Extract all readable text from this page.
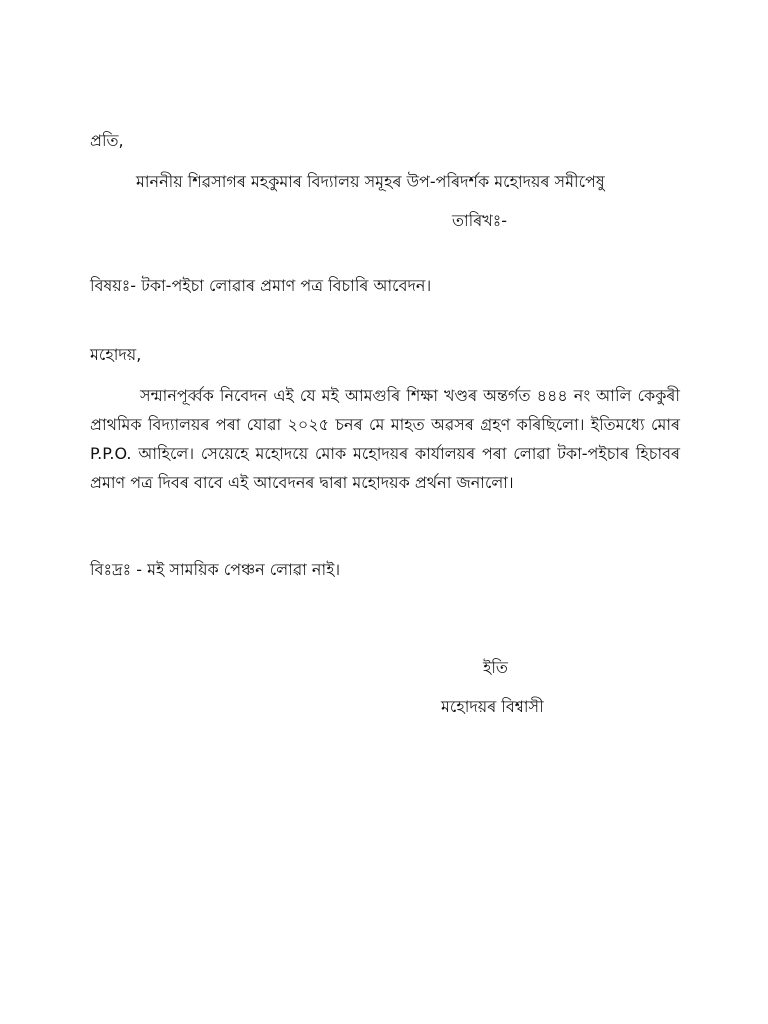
প্ৰতি,

মাননীয় শিৱসাগৰ মহকুমাৰ বিদ্যালয় সমূহৰ উপ-পৰিদৰ্শক মহোদয়ৰ সমীপেষু

তাৰিখঃ-

বিষয়ঃ- টকা-পইচা লোৱাৰ প্ৰমাণ পত্ৰ বিচাৰি আবেদন।

মহোদয়,

সন্মানপূৰ্ব্বক নিবেদন এই যে মই আমগুৰি শিক্ষা খণ্ডৰ অন্তৰ্গত ৪৪৪ নং আলি কেকুৰী প্ৰাথমিক বিদ্যালয়ৰ পৰা যোৱা ২০২৫ চনৰ মে মাহত অৱসৰ গ্ৰহণ কৰিছিলো। ইতিমধ্যে মোৰ P.P.O. আহিলে। সেয়েহে মহোদয়ে মোক মহোদয়ৰ কাৰ্যালয়ৰ পৰা লোৱা টকা-পইচাৰ হিচাবৰ প্ৰমাণ পত্ৰ দিবৰ বাবে এই আবেদনৰ দ্বাৰা মহোদয়ক প্ৰৰ্থনা জনালো।

বিঃদ্রঃ - মই সাময়িক পেঞ্চন লোৱা নাই।

ইতি

মহোদয়ৰ বিশ্বাসী
